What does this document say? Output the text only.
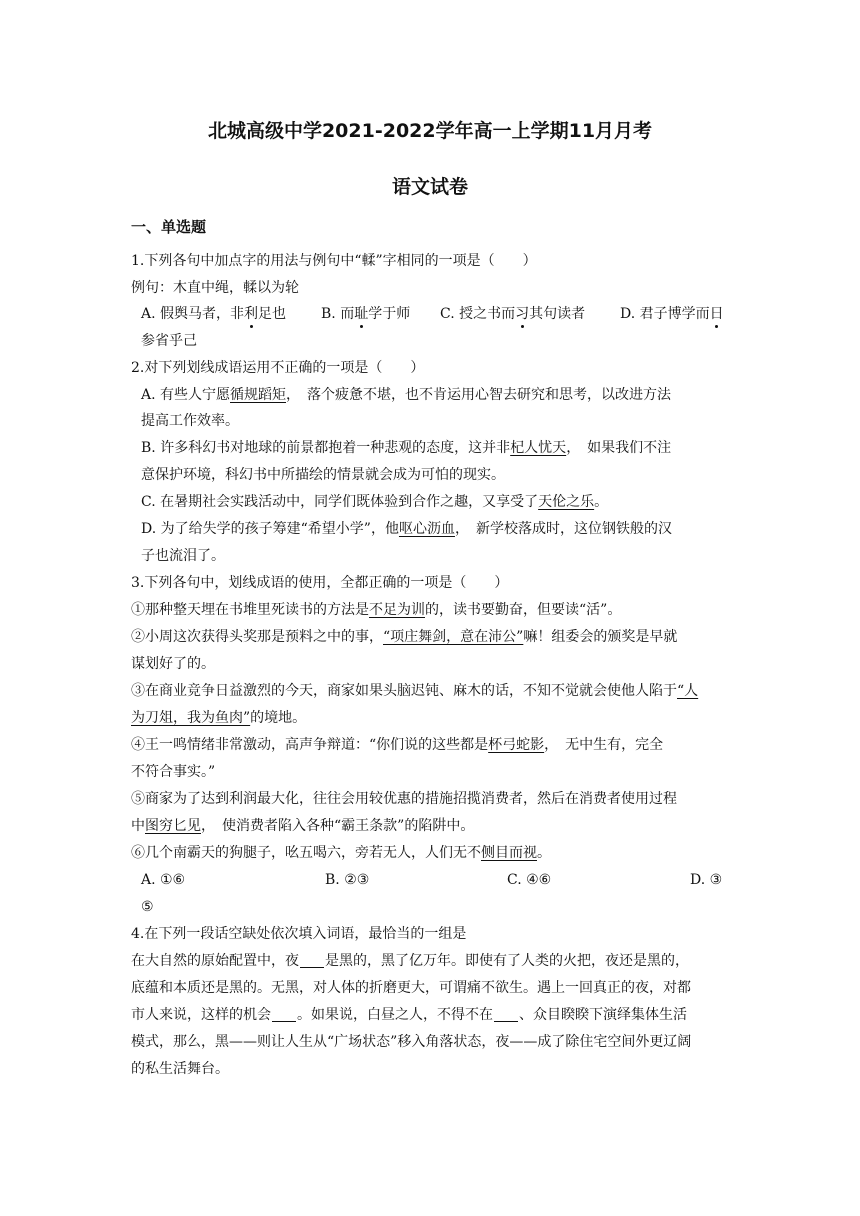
北城高级中学2021-2022学年高一上学期11月月考
语文试卷
一、单选题
1.下列各句中加点字的用法与例句中“輮”字相同的一项是（　　）
例句：木直中绳，輮以为轮
A. 假舆马者，非利足也 B. 而耻学于师 C. 授之书而习其句读者 D. 君子博学而日
参省乎己
2.对下列划线成语运用不正确的一项是（　　）
A. 有些人宁愿循规蹈矩，　落个疲惫不堪，也不肯运用心智去研究和思考，以改进方法
提高工作效率。
B. 许多科幻书对地球的前景都抱着一种悲观的态度，这并非杞人忧天，　如果我们不注
意保护环境，科幻书中所描绘的情景就会成为可怕的现实。
C. 在暑期社会实践活动中，同学们既体验到合作之趣，又享受了天伦之乐。
D. 为了给失学的孩子筹建“希望小学”，他呕心沥血，　新学校落成时，这位钢铁般的汉
子也流泪了。
3.下列各句中，划线成语的使用，全都正确的一项是（　　）
①那种整天埋在书堆里死读书的方法是不足为训的，读书要勤奋，但要读“活”。
②小周这次获得头奖那是预料之中的事，“项庄舞剑，意在沛公”嘛！组委会的颁奖是早就
谋划好了的。
③在商业竞争日益激烈的今天，商家如果头脑迟钝、麻木的话，不知不觉就会使他人陷于“人
为刀俎，我为鱼肉”的境地。
④王一鸣情绪非常激动，高声争辩道：“你们说的这些都是杯弓蛇影，　无中生有，完全
不符合事实。”
⑤商家为了达到利润最大化，往往会用较优惠的措施招揽消费者，然后在消费者使用过程
中图穷匕见，　使消费者陷入各种“霸王条款”的陷阱中。
⑥几个南霸天的狗腿子，吆五喝六，旁若无人，人们无不侧目而视。
A. ①⑥	B. ②③	C. ④⑥	D. ③
⑤
4.在下列一段话空缺处依次填入词语，最恰当的一组是
在大自然的原始配置中，夜 是黑的，黑了亿万年。即使有了人类的火把，夜还是黑的，
底蕴和本质还是黑的。无黑，对人体的折磨更大，可谓痛不欲生。遇上一回真正的夜，对都
市人来说，这样的机会 。如果说，白昼之人，不得不在 、众目睽睽下演绎集体生活
模式，那么，黑——则让人生从“广场状态”移入角落状态，夜——成了除住宅空间外更辽阔
的私生活舞台。
